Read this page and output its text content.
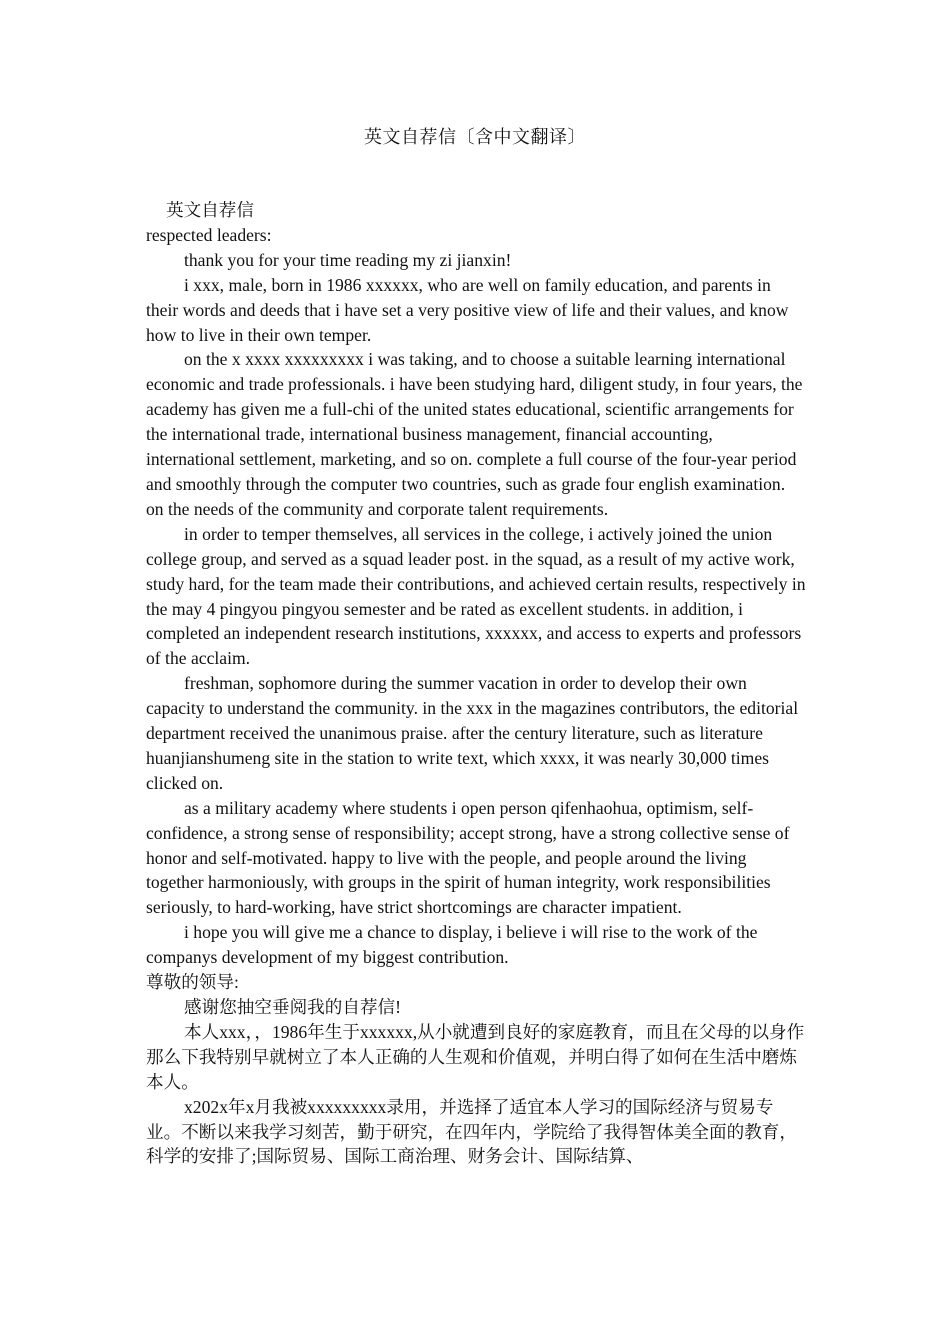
英文自荐信〔含中文翻译〕

英文自荐信

respected leaders:

thank you for your time reading my zi jianxin!

i xxx, male, born in 1986 xxxxxx, who are well on family education, and parents in their words and deeds that i have set a very positive view of life and their values, and know how to live in their own temper.

on the x xxxx xxxxxxxxx i was taking, and to choose a suitable learning international economic and trade professionals. i have been studying hard, diligent study, in four years, the academy has given me a full-chi of the united states educational, scientific arrangements for the international trade, international business management, financial accounting, international settlement, marketing, and so on. complete a full course of the four-year period and smoothly through the computer two countries, such as grade four english examination. on the needs of the community and corporate talent requirements.

in order to temper themselves, all services in the college, i actively joined the union college group, and served as a squad leader post. in the squad, as a result of my active work, study hard, for the team made their contributions, and achieved certain results, respectively in the may 4 pingyou pingyou semester and be rated as excellent students. in addition, i completed an independent research institutions, xxxxxx, and access to experts and professors of the acclaim.

freshman, sophomore during the summer vacation in order to develop their own capacity to understand the community. in the xxx in the magazines contributors, the editorial department received the unanimous praise. after the century literature, such as literature huanjianshumeng site in the station to write text, which xxxx, it was nearly 30,000 times clicked on.

as a military academy where students i open person qifenhaohua, optimism, self-confidence, a strong sense of responsibility; accept strong, have a strong collective sense of honor and self-motivated. happy to live with the people, and people around the living together harmoniously, with groups in the spirit of human integrity, work responsibilities seriously, to hard-working, have strict shortcomings are character impatient.

i hope you will give me a chance to display, i believe i will rise to the work of the companys development of my biggest contribution.

尊敬的领导:

感谢您抽空垂阅我的自荐信!

本人xxx，，1986年生于xxxxxx,从小就遭到良好的家庭教育，而且在父母的以身作那么下我特别早就树立了本人正确的人生观和价值观，并明白得了如何在生活中磨炼本人。

x202x年x月我被xxxxxxxxx录用，并选择了适宜本人学习的国际经济与贸易专业。不断以来我学习刻苦，勤于研究，在四年内，学院给了我得智体美全面的教育，科学的安排了;国际贸易、国际工商治理、财务会计、国际结算、
